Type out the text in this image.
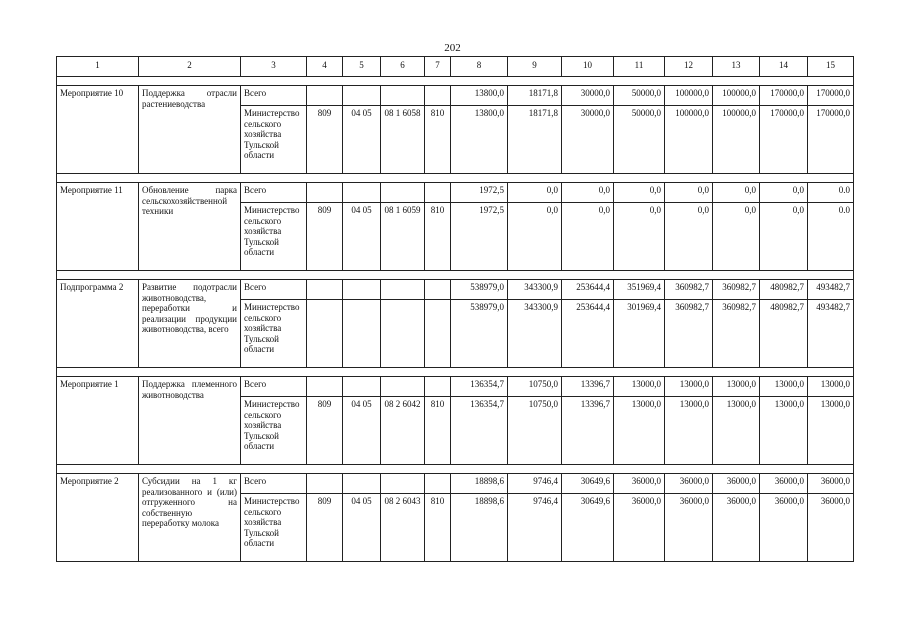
202
1	2	3	4	5	6	7	8	9	10	11	12	13	14	15

Мероприятие 10	Поддержка отрасли растениеводства	Всего					13800,0	18171,8	30000,0	50000,0	100000,0	100000,0	170000,0	170000,0
		Министерство сельского хозяйства Тульской области	809	04 05	08 1 6058	810	13800,0	18171,8	30000,0	50000,0	100000,0	100000,0	170000,0	170000,0

Мероприятие 11	Обновление парка сельскохозяйственной техники	Всего					1972,5	0,0	0,0	0,0	0,0	0,0	0,0	0.0
		Министерство сельского хозяйства Тульской области	809	04 05	08 1 6059	810	1972,5	0,0	0,0	0,0	0,0	0,0	0,0	0.0

Подпрограмма 2	Развитие подотрасли животноводства, переработки и реализации продукции животноводства, всего	Всего					538979,0	343300,9	253644,4	351969,4	360982,7	360982,7	480982,7	493482,7
		Министерство сельского хозяйства Тульской области					538979,0	343300,9	253644,4	301969,4	360982,7	360982,7	480982,7	493482,7

Мероприятие 1	Поддержка племенного животноводства	Всего					136354,7	10750,0	13396,7	13000,0	13000,0	13000,0	13000,0	13000,0
		Министерство сельского хозяйства Тульской области	809	04 05	08 2 6042	810	136354,7	10750,0	13396,7	13000,0	13000,0	13000,0	13000,0	13000,0

Мероприятие 2	Субсидии на 1 кг реализованного и (или) отгруженного на собственную переработку молока	Всего					18898,6	9746,4	30649,6	36000,0	36000,0	36000,0	36000,0	36000,0
		Министерство сельского хозяйства Тульской области	809	04 05	08 2 6043	810	18898,6	9746,4	30649,6	36000,0	36000,0	36000,0	36000,0	36000,0
